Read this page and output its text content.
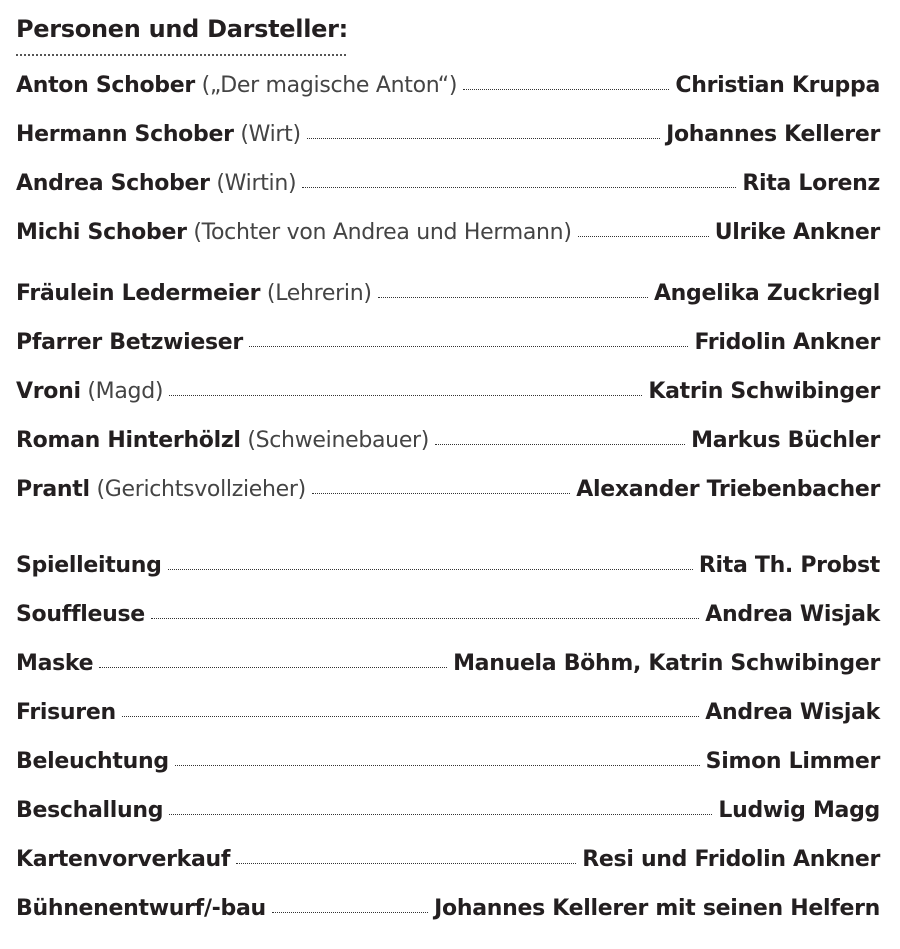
Personen und Darsteller:
Anton Schober („Der magische Anton“)	Christian Kruppa
Hermann Schober (Wirt)	Johannes Kellerer
Andrea Schober (Wirtin)	Rita Lorenz
Michi Schober (Tochter von Andrea und Hermann)	Ulrike Ankner
Fräulein Ledermeier (Lehrerin)	Angelika Zuckriegl
Pfarrer Betzwieser	Fridolin Ankner
Vroni (Magd)	Katrin Schwibinger
Roman Hinterhölzl (Schweinebauer)	Markus Büchler
Prantl (Gerichtsvollzieher)	Alexander Triebenbacher
Spielleitung	Rita Th. Probst
Souffleuse	Andrea Wisjak
Maske	Manuela Böhm, Katrin Schwibinger
Frisuren	Andrea Wisjak
Beleuchtung	Simon Limmer
Beschallung	Ludwig Magg
Kartenvorverkauf	Resi und Fridolin Ankner
Bühnenentwurf/-bau	Johannes Kellerer mit seinen Helfern
